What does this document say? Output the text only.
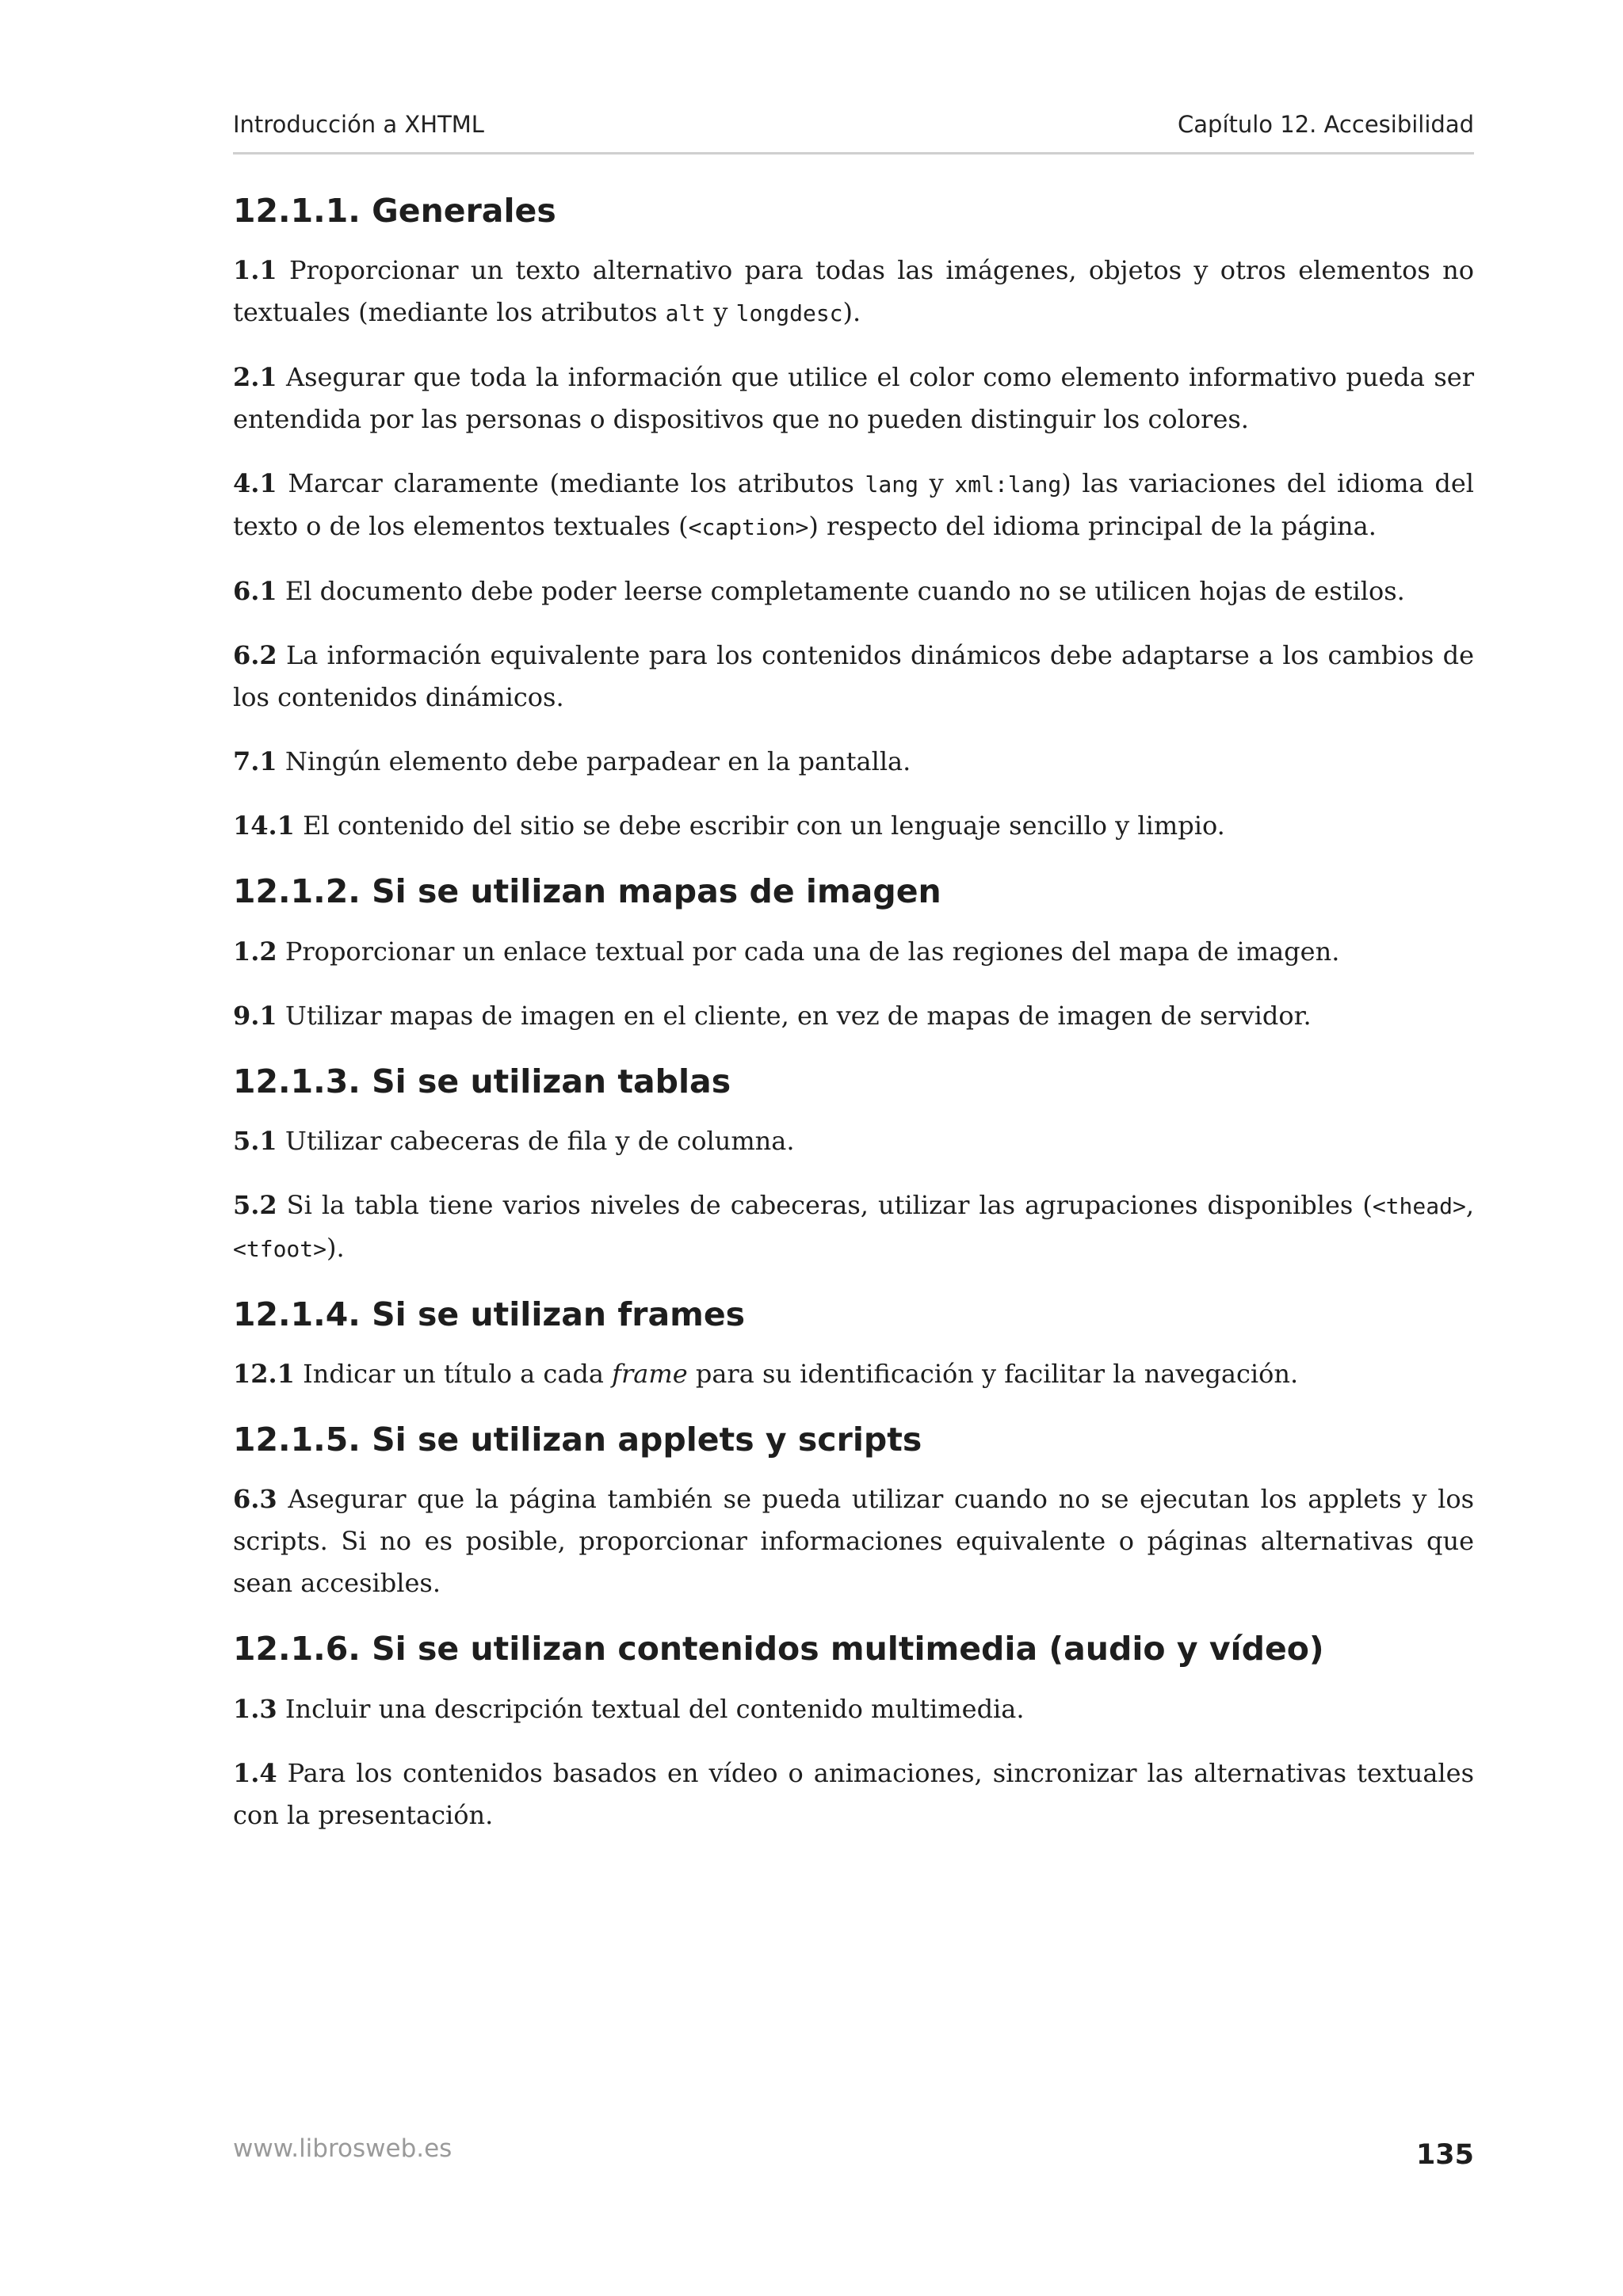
Introducción a XHTML	Capítulo 12. Accesibilidad
12.1.1. Generales

1.1 Proporcionar un texto alternativo para todas las imágenes, objetos y otros elementos no textuales (mediante los atributos alt y longdesc).

2.1 Asegurar que toda la información que utilice el color como elemento informativo pueda ser entendida por las personas o dispositivos que no pueden distinguir los colores.

4.1 Marcar claramente (mediante los atributos lang y xml:lang) las variaciones del idioma del texto o de los elementos textuales (<caption>) respecto del idioma principal de la página.

6.1 El documento debe poder leerse completamente cuando no se utilicen hojas de estilos.

6.2 La información equivalente para los contenidos dinámicos debe adaptarse a los cambios de los contenidos dinámicos.

7.1 Ningún elemento debe parpadear en la pantalla.

14.1 El contenido del sitio se debe escribir con un lenguaje sencillo y limpio.

12.1.2. Si se utilizan mapas de imagen

1.2 Proporcionar un enlace textual por cada una de las regiones del mapa de imagen.

9.1 Utilizar mapas de imagen en el cliente, en vez de mapas de imagen de servidor.

12.1.3. Si se utilizan tablas

5.1 Utilizar cabeceras de fila y de columna.

5.2 Si la tabla tiene varios niveles de cabeceras, utilizar las agrupaciones disponibles (<thead>, <tfoot>).

12.1.4. Si se utilizan frames

12.1 Indicar un título a cada frame para su identificación y facilitar la navegación.

12.1.5. Si se utilizan applets y scripts

6.3 Asegurar que la página también se pueda utilizar cuando no se ejecutan los applets y los scripts. Si no es posible, proporcionar informaciones equivalente o páginas alternativas que sean accesibles.

12.1.6. Si se utilizan contenidos multimedia (audio y vídeo)

1.3 Incluir una descripción textual del contenido multimedia.

1.4 Para los contenidos basados en vídeo o animaciones, sincronizar las alternativas textuales con la presentación.

www.librosweb.es	135
